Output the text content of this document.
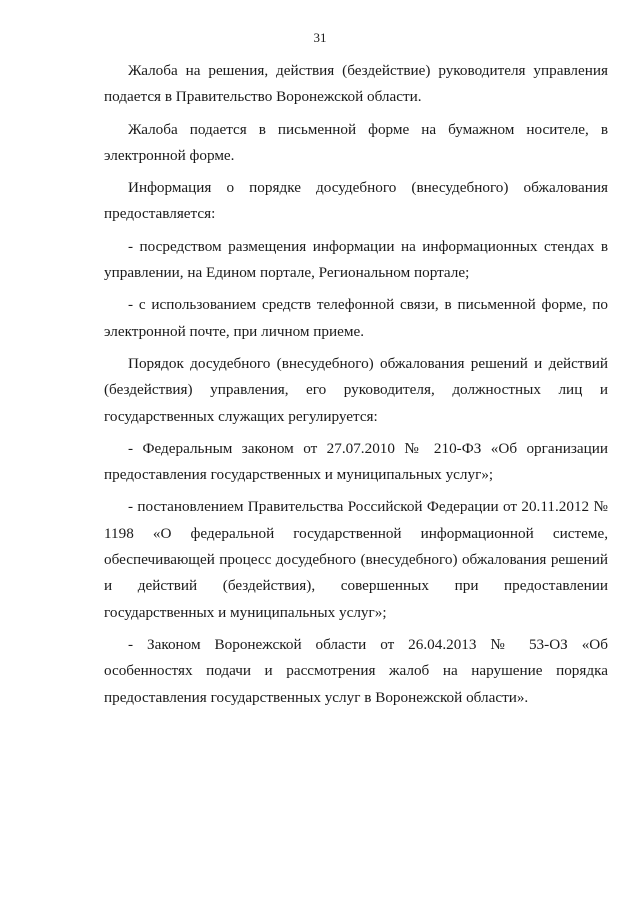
31

Жалоба на решения, действия (бездействие) руководителя управления подается в Правительство Воронежской области.

Жалоба подается в письменной форме на бумажном носителе, в электронной форме.

Информация о порядке досудебного (внесудебного) обжалования предоставляется:

- посредством размещения информации на информационных стендах в управлении, на Едином портале, Региональном портале;

- с использованием средств телефонной связи, в письменной форме, по электронной почте, при личном приеме.

Порядок досудебного (внесудебного) обжалования решений и действий (бездействия) управления, его руководителя, должностных лиц и государственных служащих регулируется:

- Федеральным законом от 27.07.2010 № 210-ФЗ «Об организации предоставления государственных и муниципальных услуг»;

- постановлением Правительства Российской Федерации от 20.11.2012 № 1198 «О федеральной государственной информационной системе, обеспечивающей процесс досудебного (внесудебного) обжалования решений и действий (бездействия), совершенных при предоставлении государственных и муниципальных услуг»;

- Законом Воронежской области от 26.04.2013 № 53-ОЗ «Об особенностях подачи и рассмотрения жалоб на нарушение порядка предоставления государственных услуг в Воронежской области».
